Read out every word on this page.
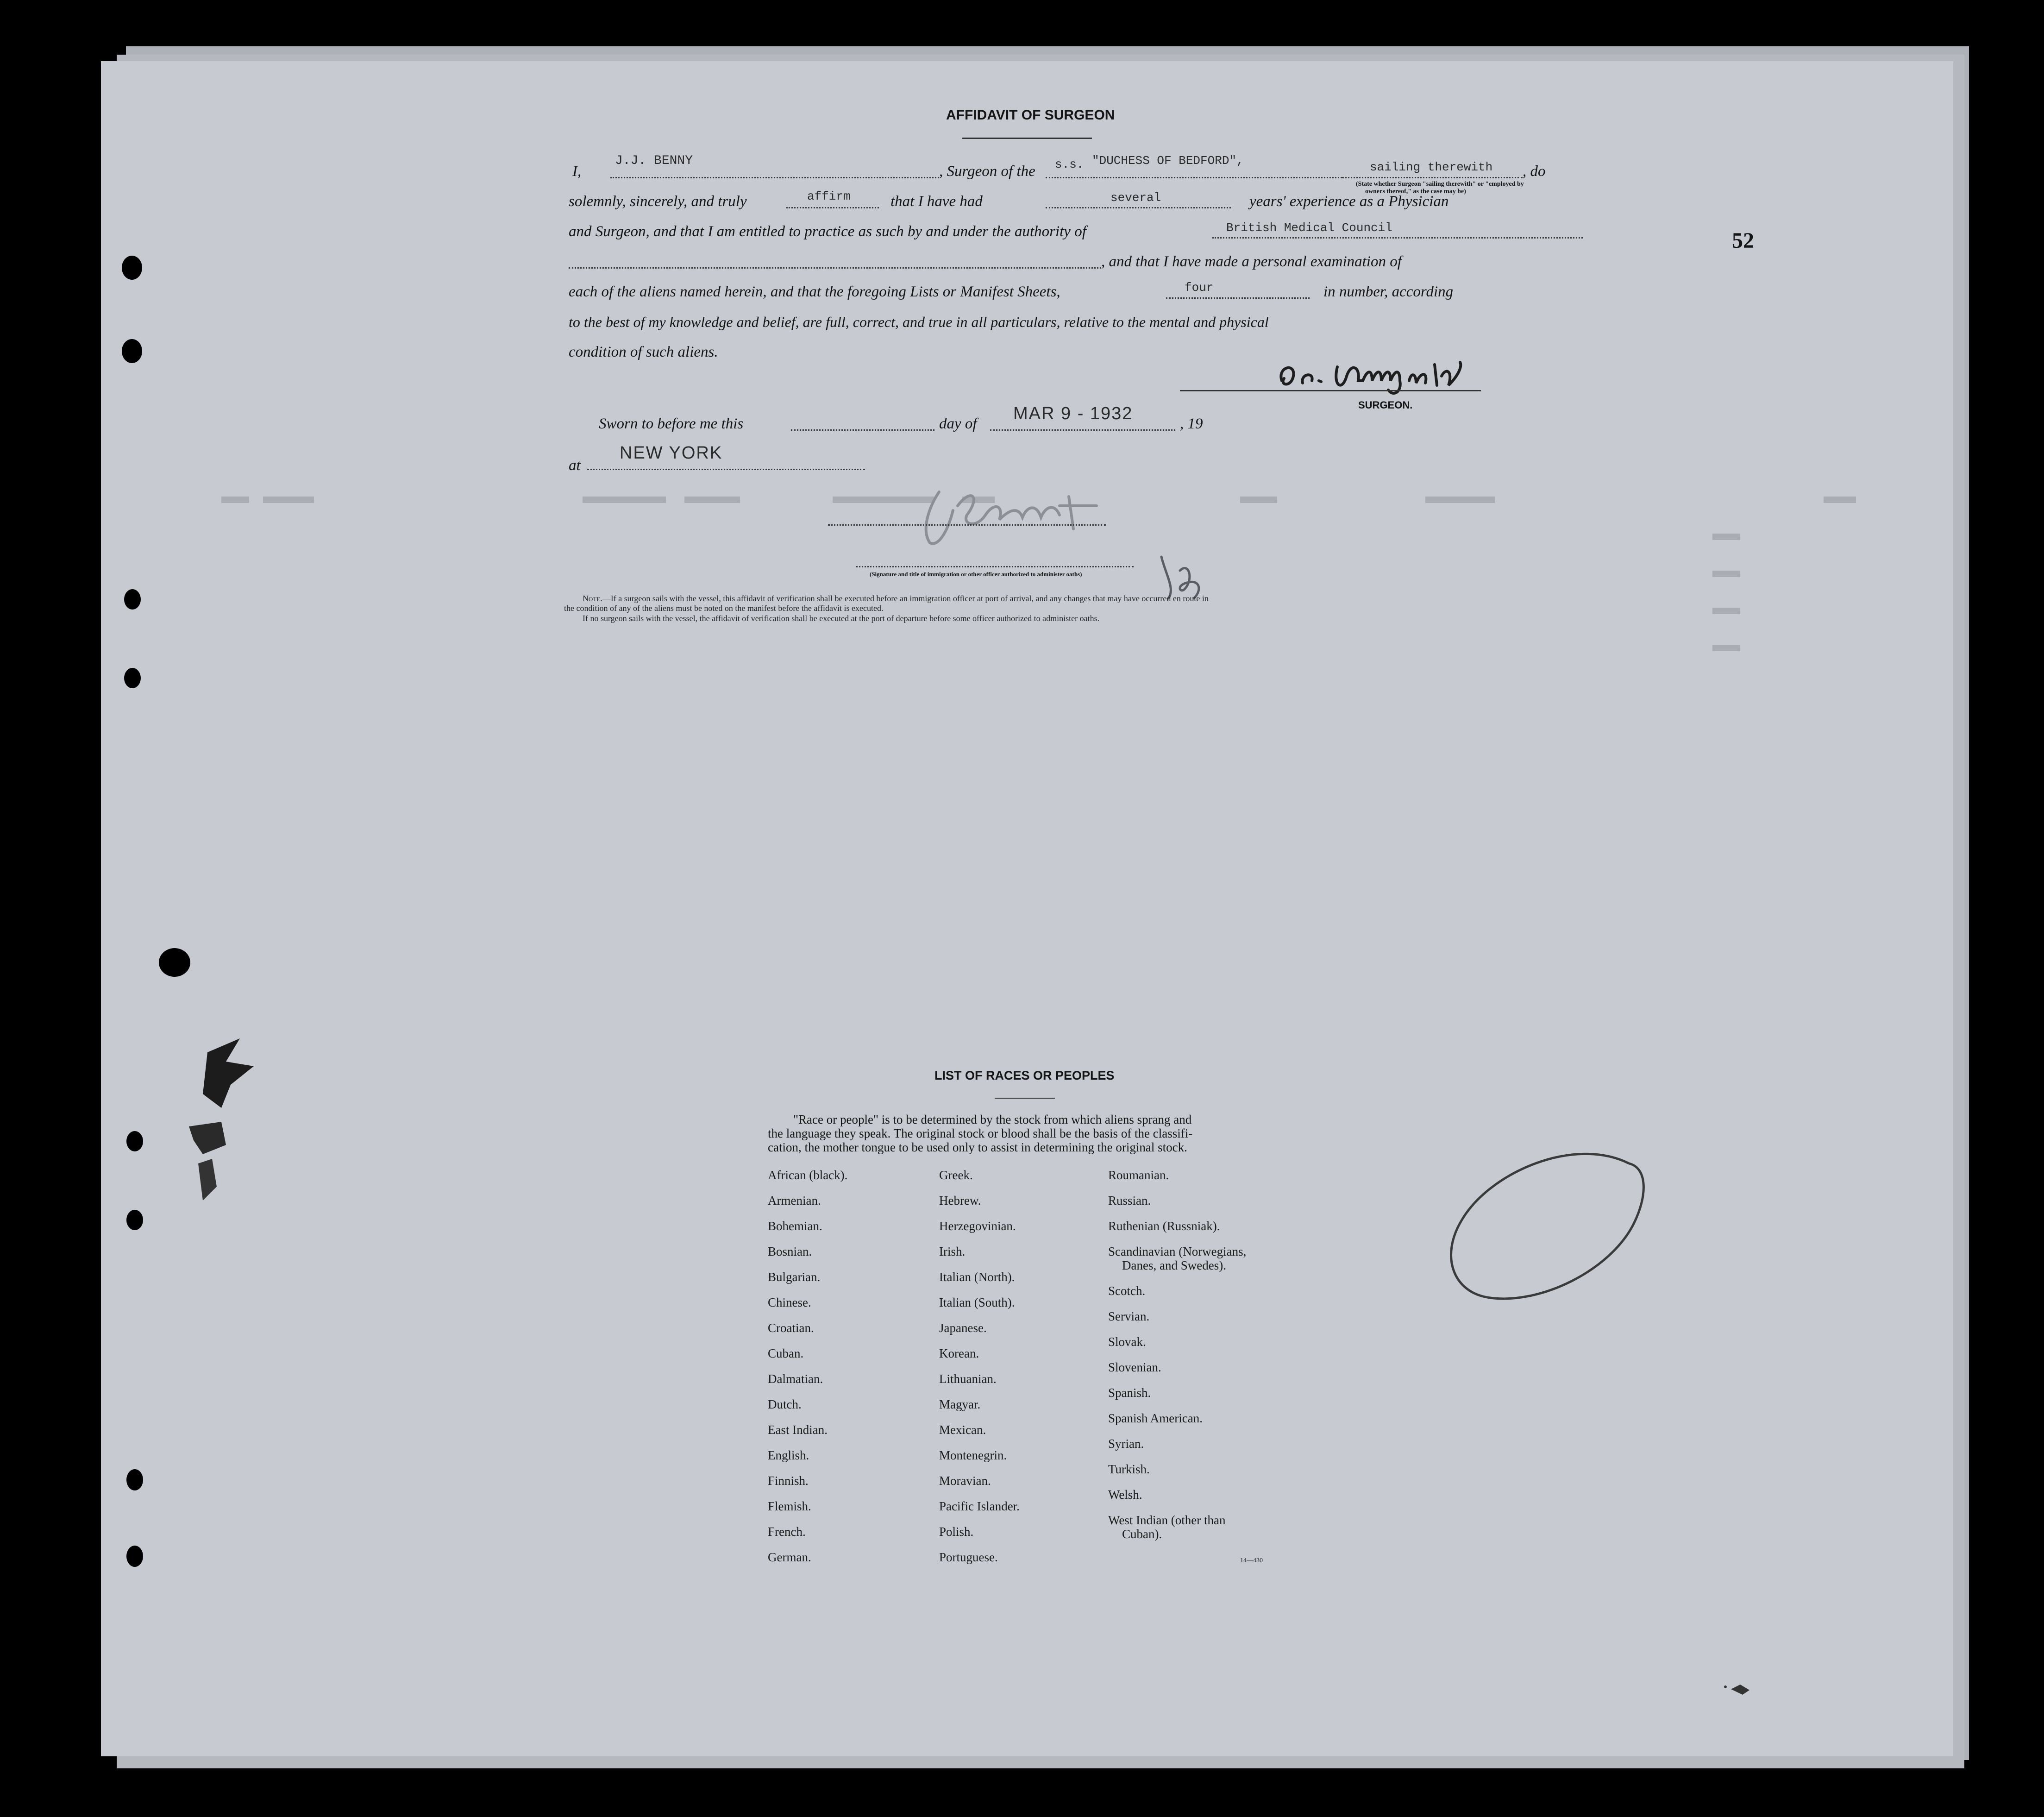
52
AFFIDAVIT OF SURGEON
I,
J.J. BENNY
, Surgeon of the s.s. "DUCHESS OF BEDFORD",	sailing therewith , do
(State whether Surgeon "sailing therewith" or "employed by
owners thereof," as the case may be)
solemnly, sincerely, and truly	affirm	that I have had	several	years' experience as a Physician
and Surgeon, and that I am entitled to practice as such by and under the authority of	British Medical Council
, and that I have made a personal examination of
each of the aliens named herein, and that the foregoing Lists or Manifest Sheets,	four	in number, according
to the best of my knowledge and belief, are full, correct, and true in all particulars, relative to the mental and physical
condition of such aliens.
SURGEON.
Sworn to before me this	day of
MAR 9 - 1932
, 19
at
NEW YORK
(Signature and title of immigration or other officer authorized to administer oaths)
Note.—If a surgeon sails with the vessel, this affidavit of verification shall be executed before an immigration officer at port of arrival, and any changes that may have occurred en route in
the condition of any of the aliens must be noted on the manifest before the affidavit is executed.
If no surgeon sails with the vessel, the affidavit of verification shall be executed at the port of departure before some officer authorized to administer oaths.
LIST OF RACES OR PEOPLES
"Race or people" is to be determined by the stock from which aliens sprang and
the language they speak. The original stock or blood shall be the basis of the classifi-
cation, the mother tongue to be used only to assist in determining the original stock.
African (black).
Armenian.
Bohemian.
Bosnian.
Bulgarian.
Chinese.
Croatian.
Cuban.
Dalmatian.
Dutch.
East Indian.
English.
Finnish.
Flemish.
French.
German.
Greek.
Hebrew.
Herzegovinian.
Irish.
Italian (North).
Italian (South).
Japanese.
Korean.
Lithuanian.
Magyar.
Mexican.
Montenegrin.
Moravian.
Pacific Islander.
Polish.
Portuguese.
Roumanian.
Russian.
Ruthenian (Russniak).
Scandinavian (Norwegians,
Danes, and Swedes).
Scotch.
Servian.
Slovak.
Slovenian.
Spanish.
Spanish American.
Syrian.
Turkish.
Welsh.
West Indian (other than
Cuban).
14—430
